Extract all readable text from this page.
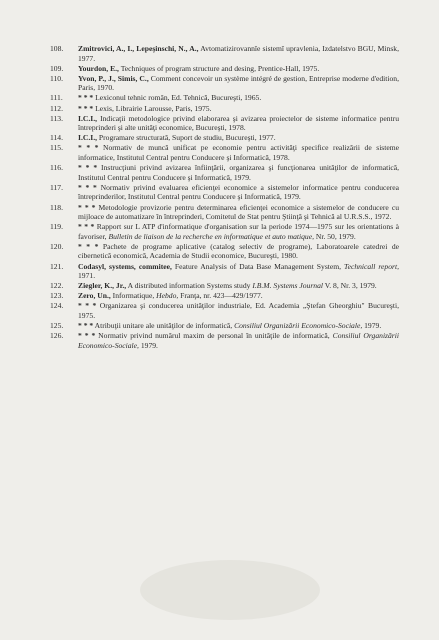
108.	Zmitrovici, A., I., Lepeşinschi, N., A., Avtomatizirovannîe sistemî upravlenia, Izdatelstvo BGU, Minsk, 1977.
109.	Yourdon, E., Techniques of program structure and desing, Prentice-Hall, 1975.
110.	Yvon, P., J., Simis, C., Comment concevoir un système intégré de gestion, Entreprise moderne d'edition, Paris, 1970.
111.	* * * Lexiconul tehnic român, Ed. Tehnică, Bucureşti, 1965.
112.	* * * Lexis, Librairie Larousse, Paris, 1975.
113.	I.C.I., Indicaţii metodologice privind elaborarea şi avizarea proiectelor de sisteme informatice pentru întreprinderi şi alte unităţi economice, Bucureşti, 1978.
114.	I.C.I., Programare structurată, Suport de studiu, Bucureşti, 1977.
115.	* * * Normativ de muncă unificat pe economie pentru activităţi specifice realizării de sisteme informatice, Institutul Central pentru Conducere şi Informatică, 1978.
116.	* * * Instrucţiuni privind avizarea înfiinţării, organizarea şi funcţionarea unităţilor de informatică, Institutul Central pentru Conducere şi Informatică, 1979.
117.	* * * Normativ privind evaluarea eficienţei economice a sistemelor informatice pentru conducerea întreprinderilor, Institutul Central pentru Conducere şi Informatică, 1979.
118.	* * * Metodologie provizorie pentru determinarea eficienţei economice a sistemelor de conducere cu mijloace de automatizare în întreprinderi, Comitetul de Stat pentru Ştiinţă şi Tehnică al U.R.S.S., 1972.
119.	* * * Rapport sur L ATP d'informatique d'organisation sur la periode 1974—1975 sur les orientations à favoriser, Bulletin de liaison de la recherche en informatique et auto matique, Nr. 50, 1979.
120.	* * * Pachete de programe aplicative (catalog selectiv de programe), Laboratoarele catedrei de cibernetică economică, Academia de Studii economice, Bucureşti, 1980.
121.	Codasyl, systems, commitee, Feature Analysis of Data Base Management System, Technicall report, 1971.
122.	Ziegler, K., Jr., A distributed information Systems study I.B.M. Systems Journal V. 8, Nr. 3, 1979.
123.	Zero, Un., Informatique, Hebdo, Franţa, nr. 423—429/1977.
124.	* * * Organizarea şi conducerea unităţilor industriale, Ed. Academia „Ştefan Gheorghiu" Bucureşti, 1975.
125.	* * * Atribuţii unitare ale unităţilor de informatică, Consiliul Organizării Economico-Sociale, 1979.
126.	* * * Normativ privind numărul maxim de personal în unităţile de informatică, Consiliul Organizării Economico-Sociale, 1979.
